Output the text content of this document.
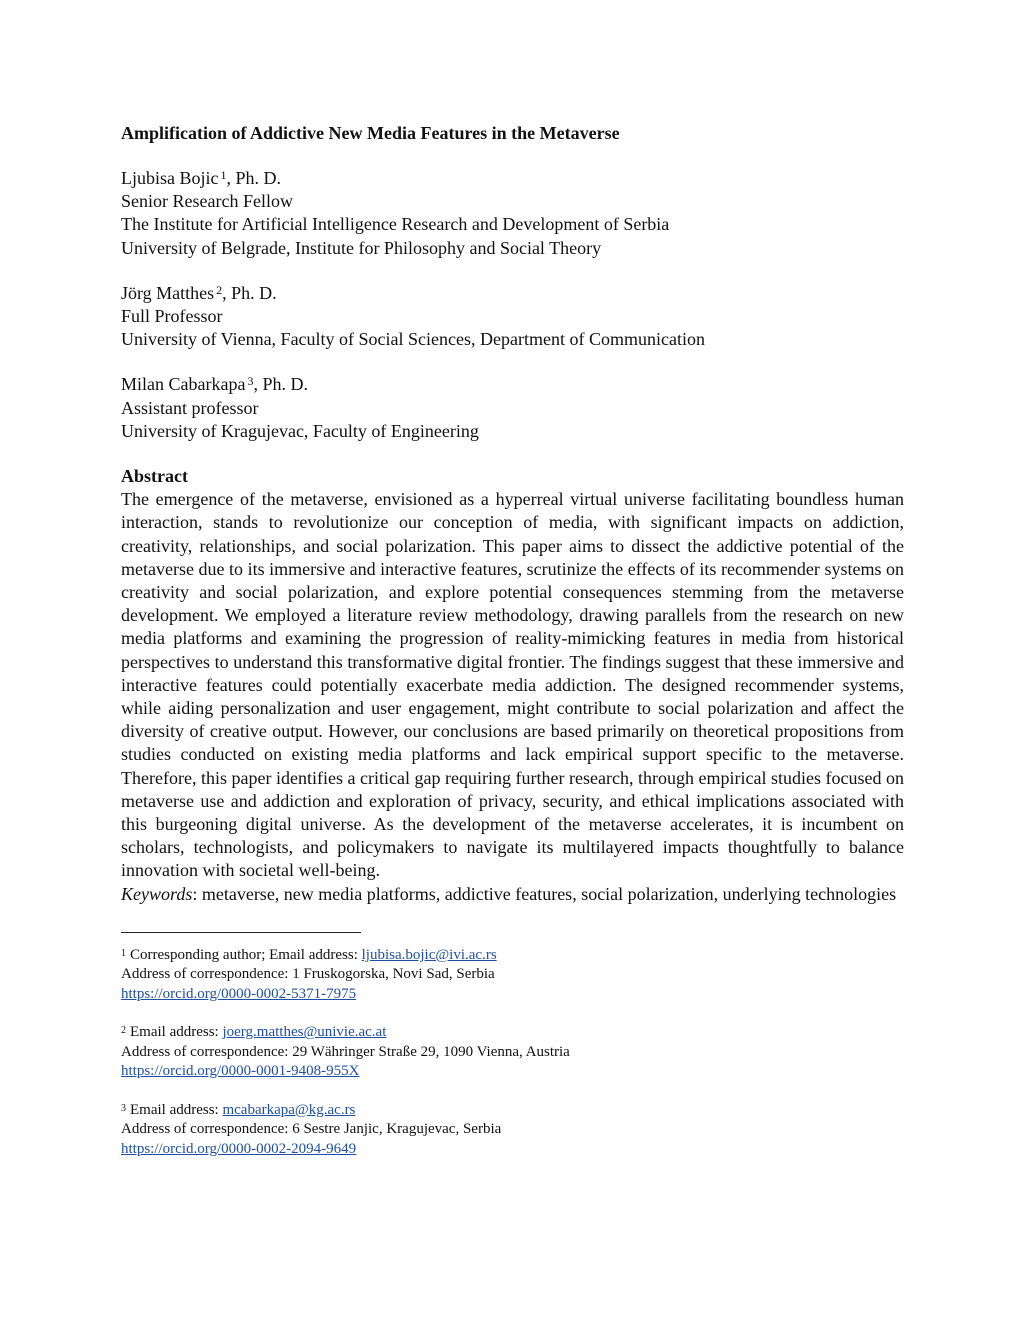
Amplification of Addictive New Media Features in the Metaverse
Ljubisa Bojic $^1$, Ph. D.
Senior Research Fellow
The Institute for Artificial Intelligence Research and Development of Serbia
University of Belgrade, Institute for Philosophy and Social Theory
Jörg Matthes $^2$, Ph. D.
Full Professor
University of Vienna, Faculty of Social Sciences, Department of Communication
Milan Cabarkapa $^3$, Ph. D.
Assistant professor
University of Kragujevac, Faculty of Engineering
Abstract
The emergence of the metaverse, envisioned as a hyperreal virtual universe facilitating boundless human interaction, stands to revolutionize our conception of media, with significant impacts on addiction, creativity, relationships, and social polarization. This paper aims to dissect the addictive potential of the metaverse due to its immersive and interactive features, scrutinize the effects of its recommender systems on creativity and social polarization, and explore potential consequences stemming from the metaverse development. We employed a literature review methodology, drawing parallels from the research on new media platforms and examining the progression of reality-mimicking features in media from historical perspectives to understand this transformative digital frontier. The findings suggest that these immersive and interactive features could potentially exacerbate media addiction. The designed recommender systems, while aiding personalization and user engagement, might contribute to social polarization and affect the diversity of creative output. However, our conclusions are based primarily on theoretical propositions from studies conducted on existing media platforms and lack empirical support specific to the metaverse. Therefore, this paper identifies a critical gap requiring further research, through empirical studies focused on metaverse use and addiction and exploration of privacy, security, and ethical implications associated with this burgeoning digital universe. As the development of the metaverse accelerates, it is incumbent on scholars, technologists, and policymakers to navigate its multilayered impacts thoughtfully to balance innovation with societal well-being.
Keywords: metaverse, new media platforms, addictive features, social polarization, underlying technologies
$^1$ Corresponding author; Email address: ljubisa.bojic@ivi.ac.rs
Address of correspondence: 1 Fruskogorska, Novi Sad, Serbia
https://orcid.org/0000-0002-5371-7975
$^2$ Email address: joerg.matthes@univie.ac.at
Address of correspondence: 29 Währinger Straße 29, 1090 Vienna, Austria
https://orcid.org/0000-0001-9408-955X
$^3$ Email address: mcabarkapa@kg.ac.rs
Address of correspondence: 6 Sestre Janjic, Kragujevac, Serbia
https://orcid.org/0000-0002-2094-9649
